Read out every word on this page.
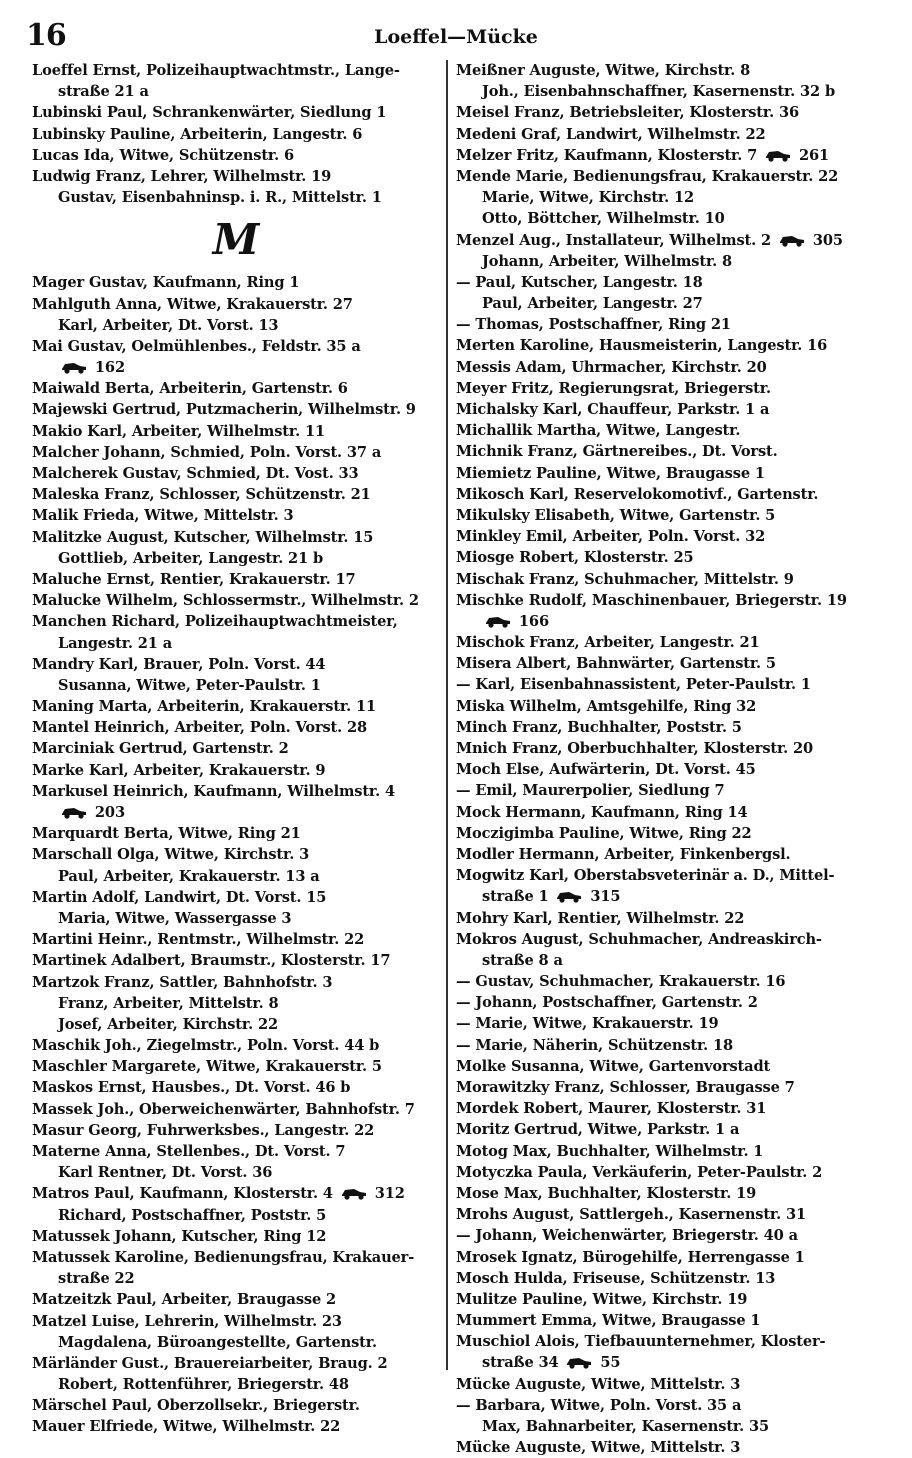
16	Loeffel—Mücke
Loeffel Ernst, Polizeihauptwachtmstr., Lange-
straße 21 a
Lubinski Paul, Schrankenwärter, Siedlung 1
Lubinsky Pauline, Arbeiterin, Langestr. 6
Lucas Ida, Witwe, Schützenstr. 6
Ludwig Franz, Lehrer, Wilhelmstr. 19
Gustav, Eisenbahninsp. i. R., Mittelstr. 1
M
Mager Gustav, Kaufmann, Ring 1
Mahlguth Anna, Witwe, Krakauerstr. 27
Karl, Arbeiter, Dt. Vorst. 13
Mai Gustav, Oelmühlenbes., Feldstr. 35 a
162
Maiwald Berta, Arbeiterin, Gartenstr. 6
Majewski Gertrud, Putzmacherin, Wilhelmstr. 9
Makio Karl, Arbeiter, Wilhelmstr. 11
Malcher Johann, Schmied, Poln. Vorst. 37 a
Malcherek Gustav, Schmied, Dt. Vost. 33
Maleska Franz, Schlosser, Schützenstr. 21
Malik Frieda, Witwe, Mittelstr. 3
Malitzke August, Kutscher, Wilhelmstr. 15
Gottlieb, Arbeiter, Langestr. 21 b
Maluche Ernst, Rentier, Krakauerstr. 17
Malucke Wilhelm, Schlossermstr., Wilhelmstr. 2
Manchen Richard, Polizeihauptwachtmeister,
Langestr. 21 a
Mandry Karl, Brauer, Poln. Vorst. 44
Susanna, Witwe, Peter-Paulstr. 1
Maning Marta, Arbeiterin, Krakauerstr. 11
Mantel Heinrich, Arbeiter, Poln. Vorst. 28
Marciniak Gertrud, Gartenstr. 2
Marke Karl, Arbeiter, Krakauerstr. 9
Markusel Heinrich, Kaufmann, Wilhelmstr. 4
203
Marquardt Berta, Witwe, Ring 21
Marschall Olga, Witwe, Kirchstr. 3
Paul, Arbeiter, Krakauerstr. 13 a
Martin Adolf, Landwirt, Dt. Vorst. 15
Maria, Witwe, Wassergasse 3
Martini Heinr., Rentmstr., Wilhelmstr. 22
Martinek Adalbert, Braumstr., Klosterstr. 17
Martzok Franz, Sattler, Bahnhofstr. 3
Franz, Arbeiter, Mittelstr. 8
Josef, Arbeiter, Kirchstr. 22
Maschik Joh., Ziegelmstr., Poln. Vorst. 44 b
Maschler Margarete, Witwe, Krakauerstr. 5
Maskos Ernst, Hausbes., Dt. Vorst. 46 b
Massek Joh., Oberweichenwärter, Bahnhofstr. 7
Masur Georg, Fuhrwerksbes., Langestr. 22
Materne Anna, Stellenbes., Dt. Vorst. 7
Karl Rentner, Dt. Vorst. 36
Matros Paul, Kaufmann, Klosterstr. 4  312
Richard, Postschaffner, Poststr. 5
Matussek Johann, Kutscher, Ring 12
Matussek Karoline, Bedienungsfrau, Krakauer-
straße 22
Matzeitzk Paul, Arbeiter, Braugasse 2
Matzel Luise, Lehrerin, Wilhelmstr. 23
Magdalena, Büroangestellte, Gartenstr.
Märländer Gust., Brauereiarbeiter, Braug. 2
Robert, Rottenführer, Briegerstr. 48
Märschel Paul, Oberzollsekr., Briegerstr.
Mauer Elfriede, Witwe, Wilhelmstr. 22
Meißner Auguste, Witwe, Kirchstr. 8
Joh., Eisenbahnschaffner, Kasernenstr. 32 b
Meisel Franz, Betriebsleiter, Klosterstr. 36
Medeni Graf, Landwirt, Wilhelmstr. 22
Melzer Fritz, Kaufmann, Klosterstr. 7  261
Mende Marie, Bedienungsfrau, Krakauerstr. 22
Marie, Witwe, Kirchstr. 12
Otto, Böttcher, Wilhelmstr. 10
Menzel Aug., Installateur, Wilhelmst. 2  305
Johann, Arbeiter, Wilhelmstr. 8
— Paul, Kutscher, Langestr. 18
Paul, Arbeiter, Langestr. 27
— Thomas, Postschaffner, Ring 21
Merten Karoline, Hausmeisterin, Langestr. 16
Messis Adam, Uhrmacher, Kirchstr. 20
Meyer Fritz, Regierungsrat, Briegerstr.
Michalsky Karl, Chauffeur, Parkstr. 1 a
Michallik Martha, Witwe, Langestr.
Michnik Franz, Gärtnereibes., Dt. Vorst.
Miemietz Pauline, Witwe, Braugasse 1
Mikosch Karl, Reservelokomotivf., Gartenstr.
Mikulsky Elisabeth, Witwe, Gartenstr. 5
Minkley Emil, Arbeiter, Poln. Vorst. 32
Miosge Robert, Klosterstr. 25
Mischak Franz, Schuhmacher, Mittelstr. 9
Mischke Rudolf, Maschinenbauer, Briegerstr. 19
166
Mischok Franz, Arbeiter, Langestr. 21
Misera Albert, Bahnwärter, Gartenstr. 5
— Karl, Eisenbahnassistent, Peter-Paulstr. 1
Miska Wilhelm, Amtsgehilfe, Ring 32
Minch Franz, Buchhalter, Poststr. 5
Mnich Franz, Oberbuchhalter, Klosterstr. 20
Moch Else, Aufwärterin, Dt. Vorst. 45
— Emil, Maurerpolier, Siedlung 7
Mock Hermann, Kaufmann, Ring 14
Moczigimba Pauline, Witwe, Ring 22
Modler Hermann, Arbeiter, Finkenbergsl.
Mogwitz Karl, Oberstabsveterinär a. D., Mittel-
straße 1  315
Mohry Karl, Rentier, Wilhelmstr. 22
Mokros August, Schuhmacher, Andreaskirch-
straße 8 a
— Gustav, Schuhmacher, Krakauerstr. 16
— Johann, Postschaffner, Gartenstr. 2
— Marie, Witwe, Krakauerstr. 19
— Marie, Näherin, Schützenstr. 18
Molke Susanna, Witwe, Gartenvorstadt
Morawitzky Franz, Schlosser, Braugasse 7
Mordek Robert, Maurer, Klosterstr. 31
Moritz Gertrud, Witwe, Parkstr. 1 a
Motog Max, Buchhalter, Wilhelmstr. 1
Motyczka Paula, Verkäuferin, Peter-Paulstr. 2
Mose Max, Buchhalter, Klosterstr. 19
Mrohs August, Sattlergeh., Kasernenstr. 31
— Johann, Weichenwärter, Briegerstr. 40 a
Mrosek Ignatz, Bürogehilfe, Herrengasse 1
Mosch Hulda, Friseuse, Schützenstr. 13
Mulitze Pauline, Witwe, Kirchstr. 19
Mummert Emma, Witwe, Braugasse 1
Muschiol Alois, Tiefbauunternehmer, Kloster-
straße 34  55
Mücke Auguste, Witwe, Mittelstr. 3
— Barbara, Witwe, Poln. Vorst. 35 a
Max, Bahnarbeiter, Kasernenstr. 35
Mücke Auguste, Witwe, Mittelstr. 3
